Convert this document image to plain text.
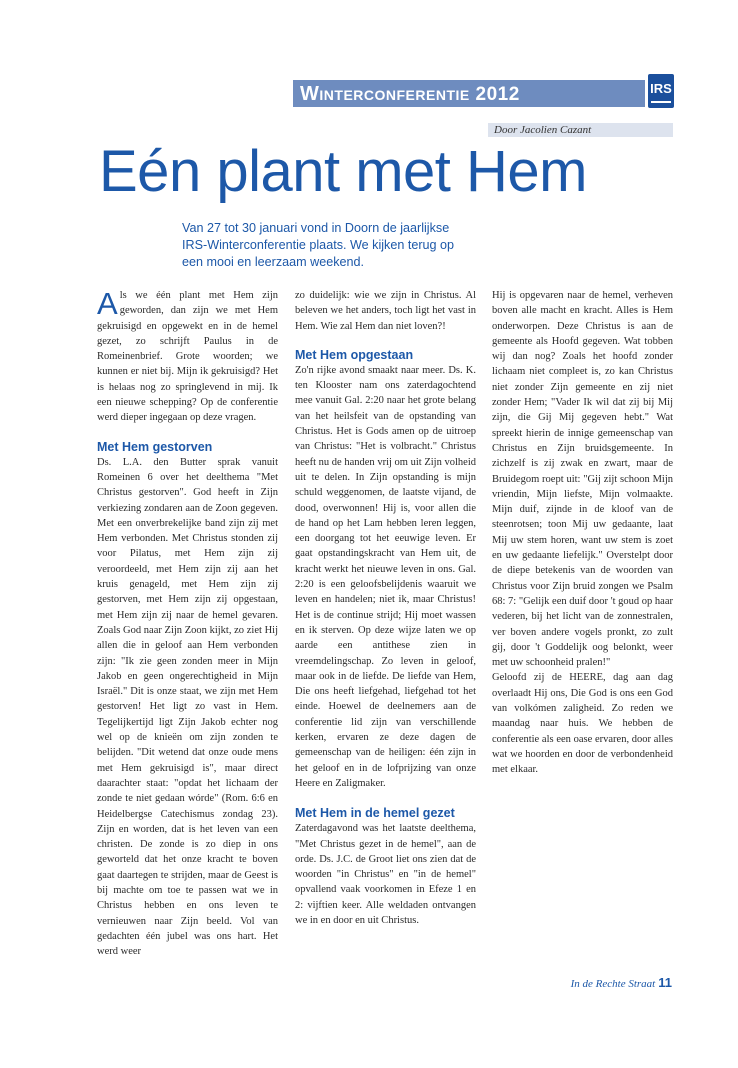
WINTERCONFERENTIE 2012	IRS
Door Jacolien Cazant
Eén plant met Hem

Van 27 tot 30 januari vond in Doorn de jaarlijkse IRS-Winterconferentie plaats. We kijken terug op een mooi en leerzaam weekend.

Als we één plant met Hem zijn geworden, dan zijn we met Hem gekruisigd en opgewekt en in de hemel gezet, zo schrijft Paulus in de Romeinenbrief. Grote woorden; we kunnen er niet bij. Mijn ik gekruisigd? Het is helaas nog zo springlevend in mij. Ik een nieuwe schepping? Op de conferentie werd dieper ingegaan op deze vragen.

Met Hem gestorven

Ds. L.A. den Butter sprak vanuit Romeinen 6 over het deelthema "Met Christus gestorven". God heeft in Zijn verkiezing zondaren aan de Zoon gegeven. Met een onverbrekelijke band zijn zij met Hem verbonden. Met Christus stonden zij voor Pilatus, met Hem zijn zij veroordeeld, met Hem zijn zij aan het kruis genageld, met Hem zijn zij gestorven, met Hem zijn zij opgestaan, met Hem zijn zij naar de hemel gevaren. Zoals God naar Zijn Zoon kijkt, zo ziet Hij allen die in geloof aan Hem verbonden zijn: "Ik zie geen zonden meer in Mijn Jakob en geen ongerechtigheid in Mijn Israël." Dit is onze staat, we zijn met Hem gestorven! Het ligt zo vast in Hem. Tegelijkertijd ligt Zijn Jakob echter nog wel op de knieën om zijn zonden te belijden. "Dit wetend dat onze oude mens met Hem gekruisigd is", maar direct daarachter staat: "opdat het lichaam der zonde te niet gedaan wórde" (Rom. 6:6 en Heidelbergse Catechismus zondag 23). Zijn en worden, dat is het leven van een christen. De zonde is zo diep in ons geworteld dat het onze kracht te boven gaat daartegen te strijden, maar de Geest is bij machte om toe te passen wat we in Christus hebben en ons leven te vernieuwen naar Zijn beeld. Vol van gedachten één jubel was ons hart. Het werd weer

zo duidelijk: wie we zijn in Christus. Al beleven we het anders, toch ligt het vast in Hem. Wie zal Hem dan niet loven?!

Met Hem opgestaan

Zo'n rijke avond smaakt naar meer. Ds. K. ten Klooster nam ons zaterdagochtend mee vanuit Gal. 2:20 naar het grote belang van het heilsfeit van de opstanding van Christus. Het is Gods amen op de uitroep van Christus: "Het is volbracht." Christus heeft nu de handen vrij om uit Zijn volheid uit te delen. In Zijn opstanding is mijn schuld weggenomen, de laatste vijand, de dood, overwonnen! Hij is, voor allen die de hand op het Lam hebben leren leggen, een doorgang tot het eeuwige leven. Er gaat opstandingskracht van Hem uit, de kracht werkt het nieuwe leven in ons. Gal. 2:20 is een geloofsbelijdenis waaruit we leven en handelen; niet ik, maar Christus! Het is de continue strijd; Hij moet wassen en ik sterven. Op deze wijze laten we op aarde een antithese zien in vreemdelingschap. Zo leven in geloof, maar ook in de liefde. De liefde van Hem, Die ons heeft liefgehad, liefgehad tot het einde. Hoewel de deelnemers aan de conferentie lid zijn van verschillende kerken, ervaren ze deze dagen de gemeenschap van de heiligen: één zijn in het geloof en in de lofprijzing van onze Heere en Zaligmaker.

Met Hem in de hemel gezet

Zaterdagavond was het laatste deelthema, "Met Christus gezet in de hemel", aan de orde. Ds. J.C. de Groot liet ons zien dat de woorden "in Christus" en "in de hemel" opvallend vaak voorkomen in Efeze 1 en 2: vijftien keer. Alle weldaden ontvangen we in en door en uit Christus.

Hij is opgevaren naar de hemel, verheven boven alle macht en kracht. Alles is Hem onderworpen. Deze Christus is aan de gemeente als Hoofd gegeven. Wat tobben wij dan nog? Zoals het hoofd zonder lichaam niet compleet is, zo kan Christus niet zonder Zijn gemeente en zij niet zonder Hem; "Vader Ik wil dat zij bij Mij zijn, die Gij Mij gegeven hebt." Wat spreekt hierin de innige gemeenschap van Christus en Zijn bruidsgemeente. In zichzelf is zij zwak en zwart, maar de Bruidegom roept uit: "Gij zijt schoon Mijn vriendin, Mijn liefste, Mijn volmaakte. Mijn duif, zijnde in de kloof van de steenrotsen; toon Mij uw gedaante, laat Mij uw stem horen, want uw stem is zoet en uw gedaante liefelijk." Overstelpt door de diepe betekenis van de woorden van Christus voor Zijn bruid zongen we Psalm 68: 7: "Gelijk een duif door 't goud op haar vederen, bij het licht van de zonnestralen, ver boven andere vogels pronkt, zo zult gij, door 't Goddelijk oog belonkt, weer met uw schoonheid pralen!"

Geloofd zij de HEERE, dag aan dag overlaadt Hij ons, Die God is ons een God van volkómen zaligheid. Zo reden we maandag naar huis. We hebben de conferentie als een oase ervaren, door alles wat we hoorden en door de verbondenheid met elkaar.

In de Rechte Straat 11
